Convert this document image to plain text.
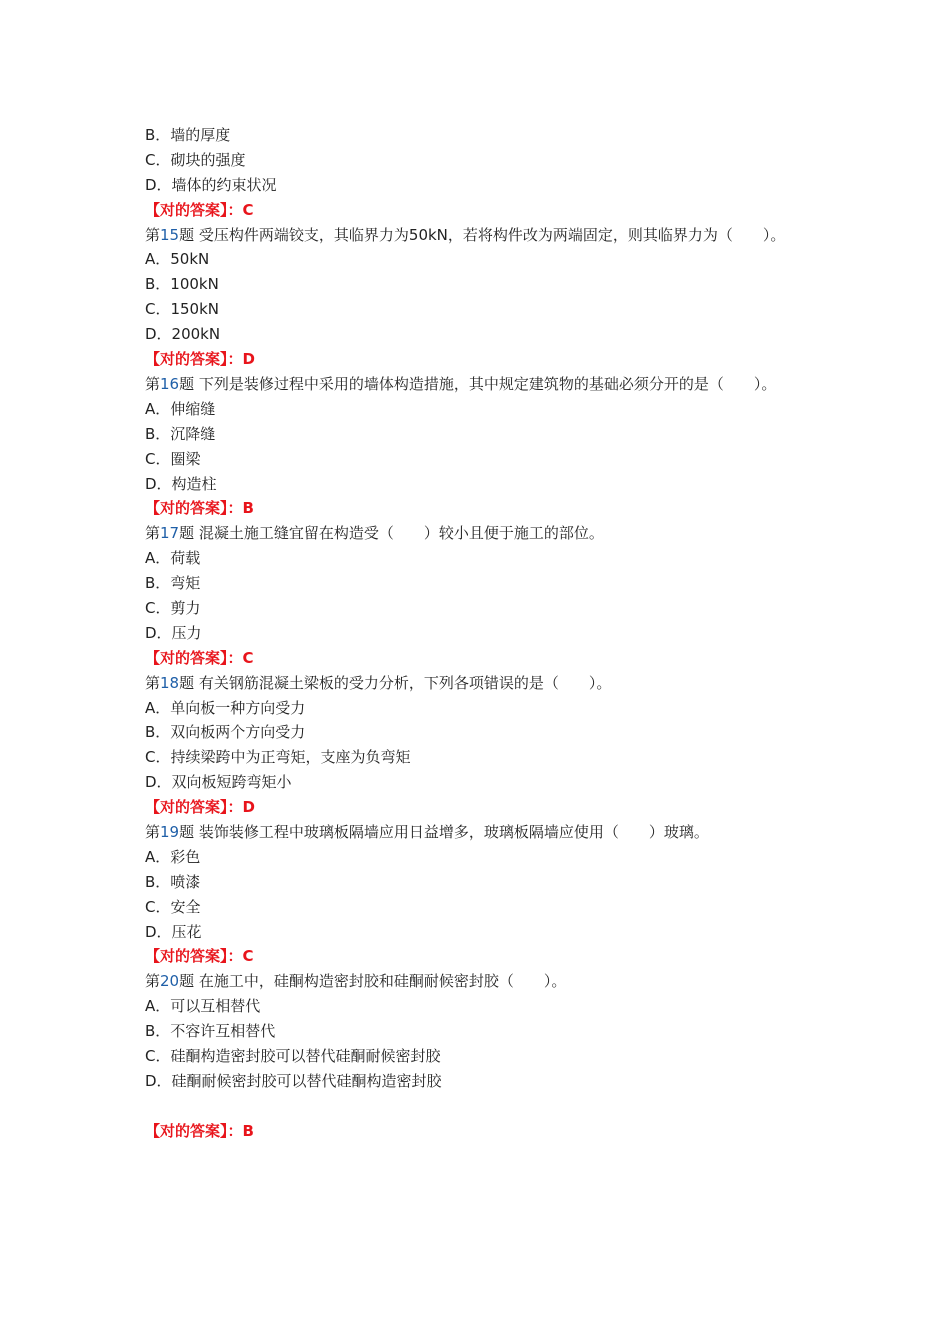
B．墙的厚度
C．砌块的强度
D．墙体的约束状况
【对的答案】：C
第15题 受压构件两端铰支，其临界力为50kN，若将构件改为两端固定，则其临界力为（　　）。
A．50kN
B．100kN
C．150kN
D．200kN
【对的答案】：D
第16题 下列是装修过程中采用的墙体构造措施，其中规定建筑物的基础必须分开的是（　　）。
A．伸缩缝
B．沉降缝
C．圈梁
D．构造柱
【对的答案】：B
第17题 混凝土施工缝宜留在构造受（　　）较小且便于施工的部位。
A．荷载
B．弯矩
C．剪力
D．压力
【对的答案】：C
第18题 有关钢筋混凝土梁板的受力分析，下列各项错误的是（　　）。
A．单向板一种方向受力
B．双向板两个方向受力
C．持续梁跨中为正弯矩，支座为负弯矩
D．双向板短跨弯矩小
【对的答案】：D
第19题 装饰装修工程中玻璃板隔墙应用日益增多，玻璃板隔墙应使用（　　）玻璃。
A．彩色
B．喷漆
C．安全
D．压花
【对的答案】：C
第20题 在施工中，硅酮构造密封胶和硅酮耐候密封胶（　　）。
A．可以互相替代
B．不容许互相替代
C．硅酮构造密封胶可以替代硅酮耐候密封胶
D．硅酮耐候密封胶可以替代硅酮构造密封胶
【对的答案】：B
